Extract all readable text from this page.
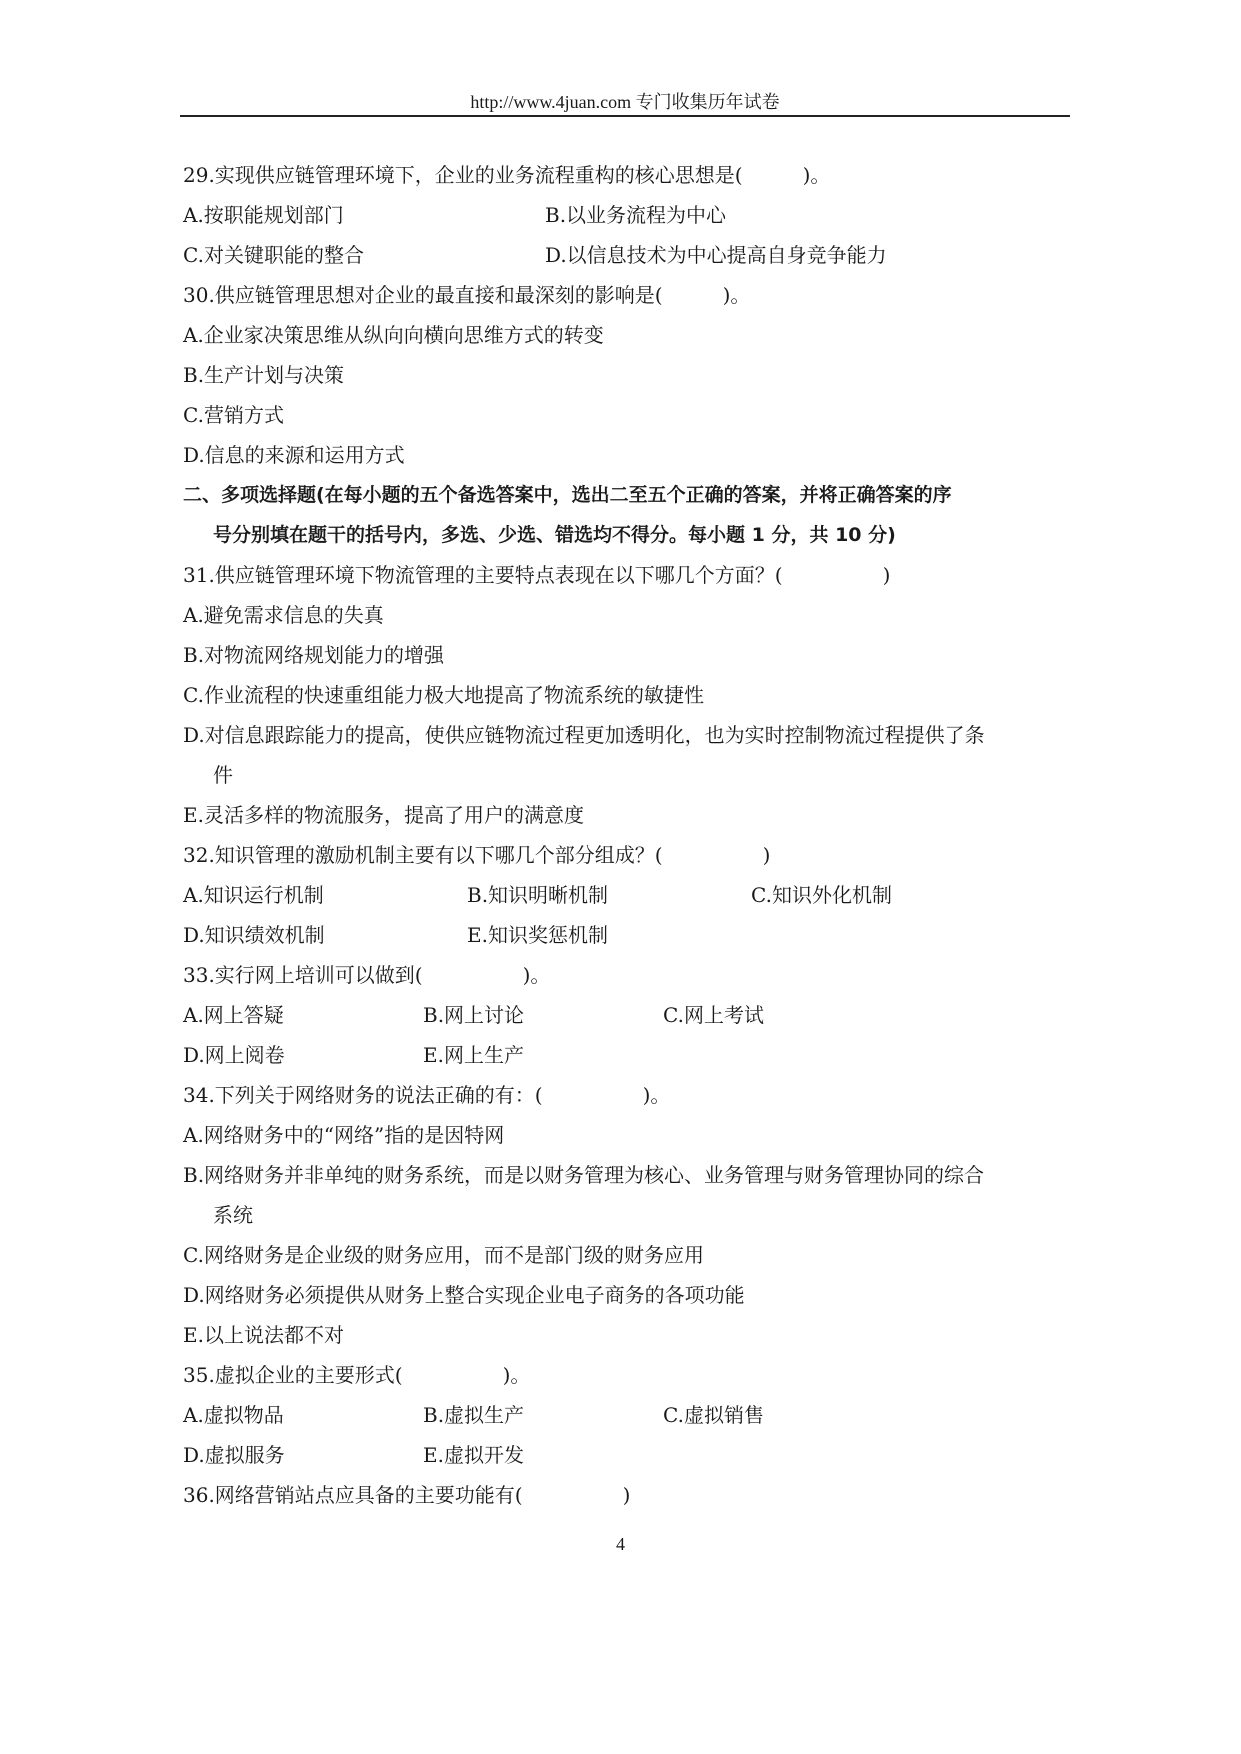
http://www.4juan.com 专门收集历年试卷
29.实现供应链管理环境下，企业的业务流程重构的核心思想是(　　　)。
A.按职能规划部门	B.以业务流程为中心
C.对关键职能的整合	D.以信息技术为中心提高自身竞争能力
30.供应链管理思想对企业的最直接和最深刻的影响是(　　　)。
A.企业家决策思维从纵向向横向思维方式的转变
B.生产计划与决策
C.营销方式
D.信息的来源和运用方式
二、多项选择题(在每小题的五个备选答案中，选出二至五个正确的答案，并将正确答案的序
号分别填在题干的括号内，多选、少选、错选均不得分。每小题 1 分，共 10 分)
31.供应链管理环境下物流管理的主要特点表现在以下哪几个方面？(　　　　　)
A.避免需求信息的失真
B.对物流网络规划能力的增强
C.作业流程的快速重组能力极大地提高了物流系统的敏捷性
D.对信息跟踪能力的提高，使供应链物流过程更加透明化，也为实时控制物流过程提供了条
件
E.灵活多样的物流服务，提高了用户的满意度
32.知识管理的激励机制主要有以下哪几个部分组成？(　　　　　)
A.知识运行机制	B.知识明晰机制	C.知识外化机制
D.知识绩效机制	E.知识奖惩机制
33.实行网上培训可以做到(　　　　　)。
A.网上答疑	B.网上讨论	C.网上考试
D.网上阅卷	E.网上生产
34.下列关于网络财务的说法正确的有：(　　　　　)。
A.网络财务中的“网络”指的是因特网
B.网络财务并非单纯的财务系统，而是以财务管理为核心、业务管理与财务管理协同的综合
系统
C.网络财务是企业级的财务应用，而不是部门级的财务应用
D.网络财务必须提供从财务上整合实现企业电子商务的各项功能
E.以上说法都不对
35.虚拟企业的主要形式(　　　　　)。
A.虚拟物品	B.虚拟生产	C.虚拟销售
D.虚拟服务	E.虚拟开发
36.网络营销站点应具备的主要功能有(　　　　　)
4
